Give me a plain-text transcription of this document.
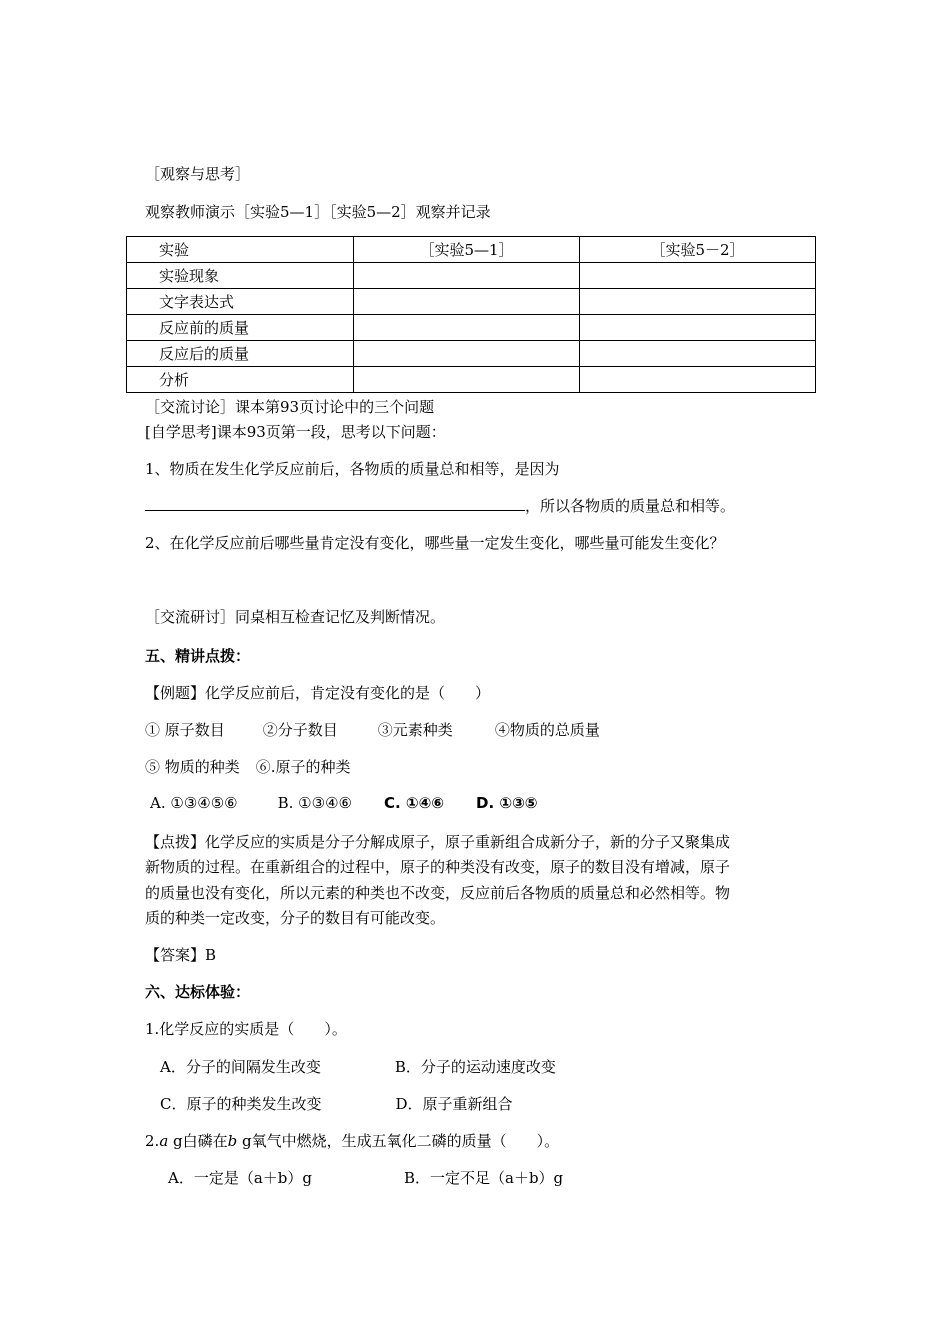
［观察与思考］
观察教师演示［实验5—1］［实验5—2］观察并记录
实验	［实验5—1］	［实验5－2］
实验现象		
文字表达式		
反应前的质量		
反应后的质量		
分析		
［交流讨论］课本第93页讨论中的三个问题
[自学思考]课本93页第一段，思考以下问题：
1、物质在发生化学反应前后，各物质的质量总和相等，是因为
，所以各物质的质量总和相等。
2、在化学反应前后哪些量肯定没有变化，哪些量一定发生变化，哪些量可能发生变化？
［交流研讨］同桌相互检查记忆及判断情况。
五、精讲点拨：
【例题】化学反应前后，肯定没有变化的是（　　）
① 原子数目	②分子数目	③元素种类	④物质的总质量
⑤ 物质的种类 ⑥.原子的种类
A. ①③④⑤⑥	B. ①③④⑥ C. ①④⑥ D. ①③⑤
【点拨】化学反应的实质是分子分解成原子，原子重新组合成新分子，新的分子又聚集成
新物质的过程。在重新组合的过程中，原子的种类没有改变，原子的数目没有增减，原子
的质量也没有变化，所以元素的种类也不改变，反应前后各物质的质量总和必然相等。物
质的种类一定改变，分子的数目有可能改变。
【答案】B
六、达标体验：
1.化学反应的实质是（　　）。
A．分子的间隔发生改变	B．分子的运动速度改变
C．原子的种类发生改变	D．原子重新组合
2.a g白磷在b g氧气中燃烧，生成五氧化二磷的质量（　　）。
A．一定是（a＋b）g	B．一定不足（a＋b）g
